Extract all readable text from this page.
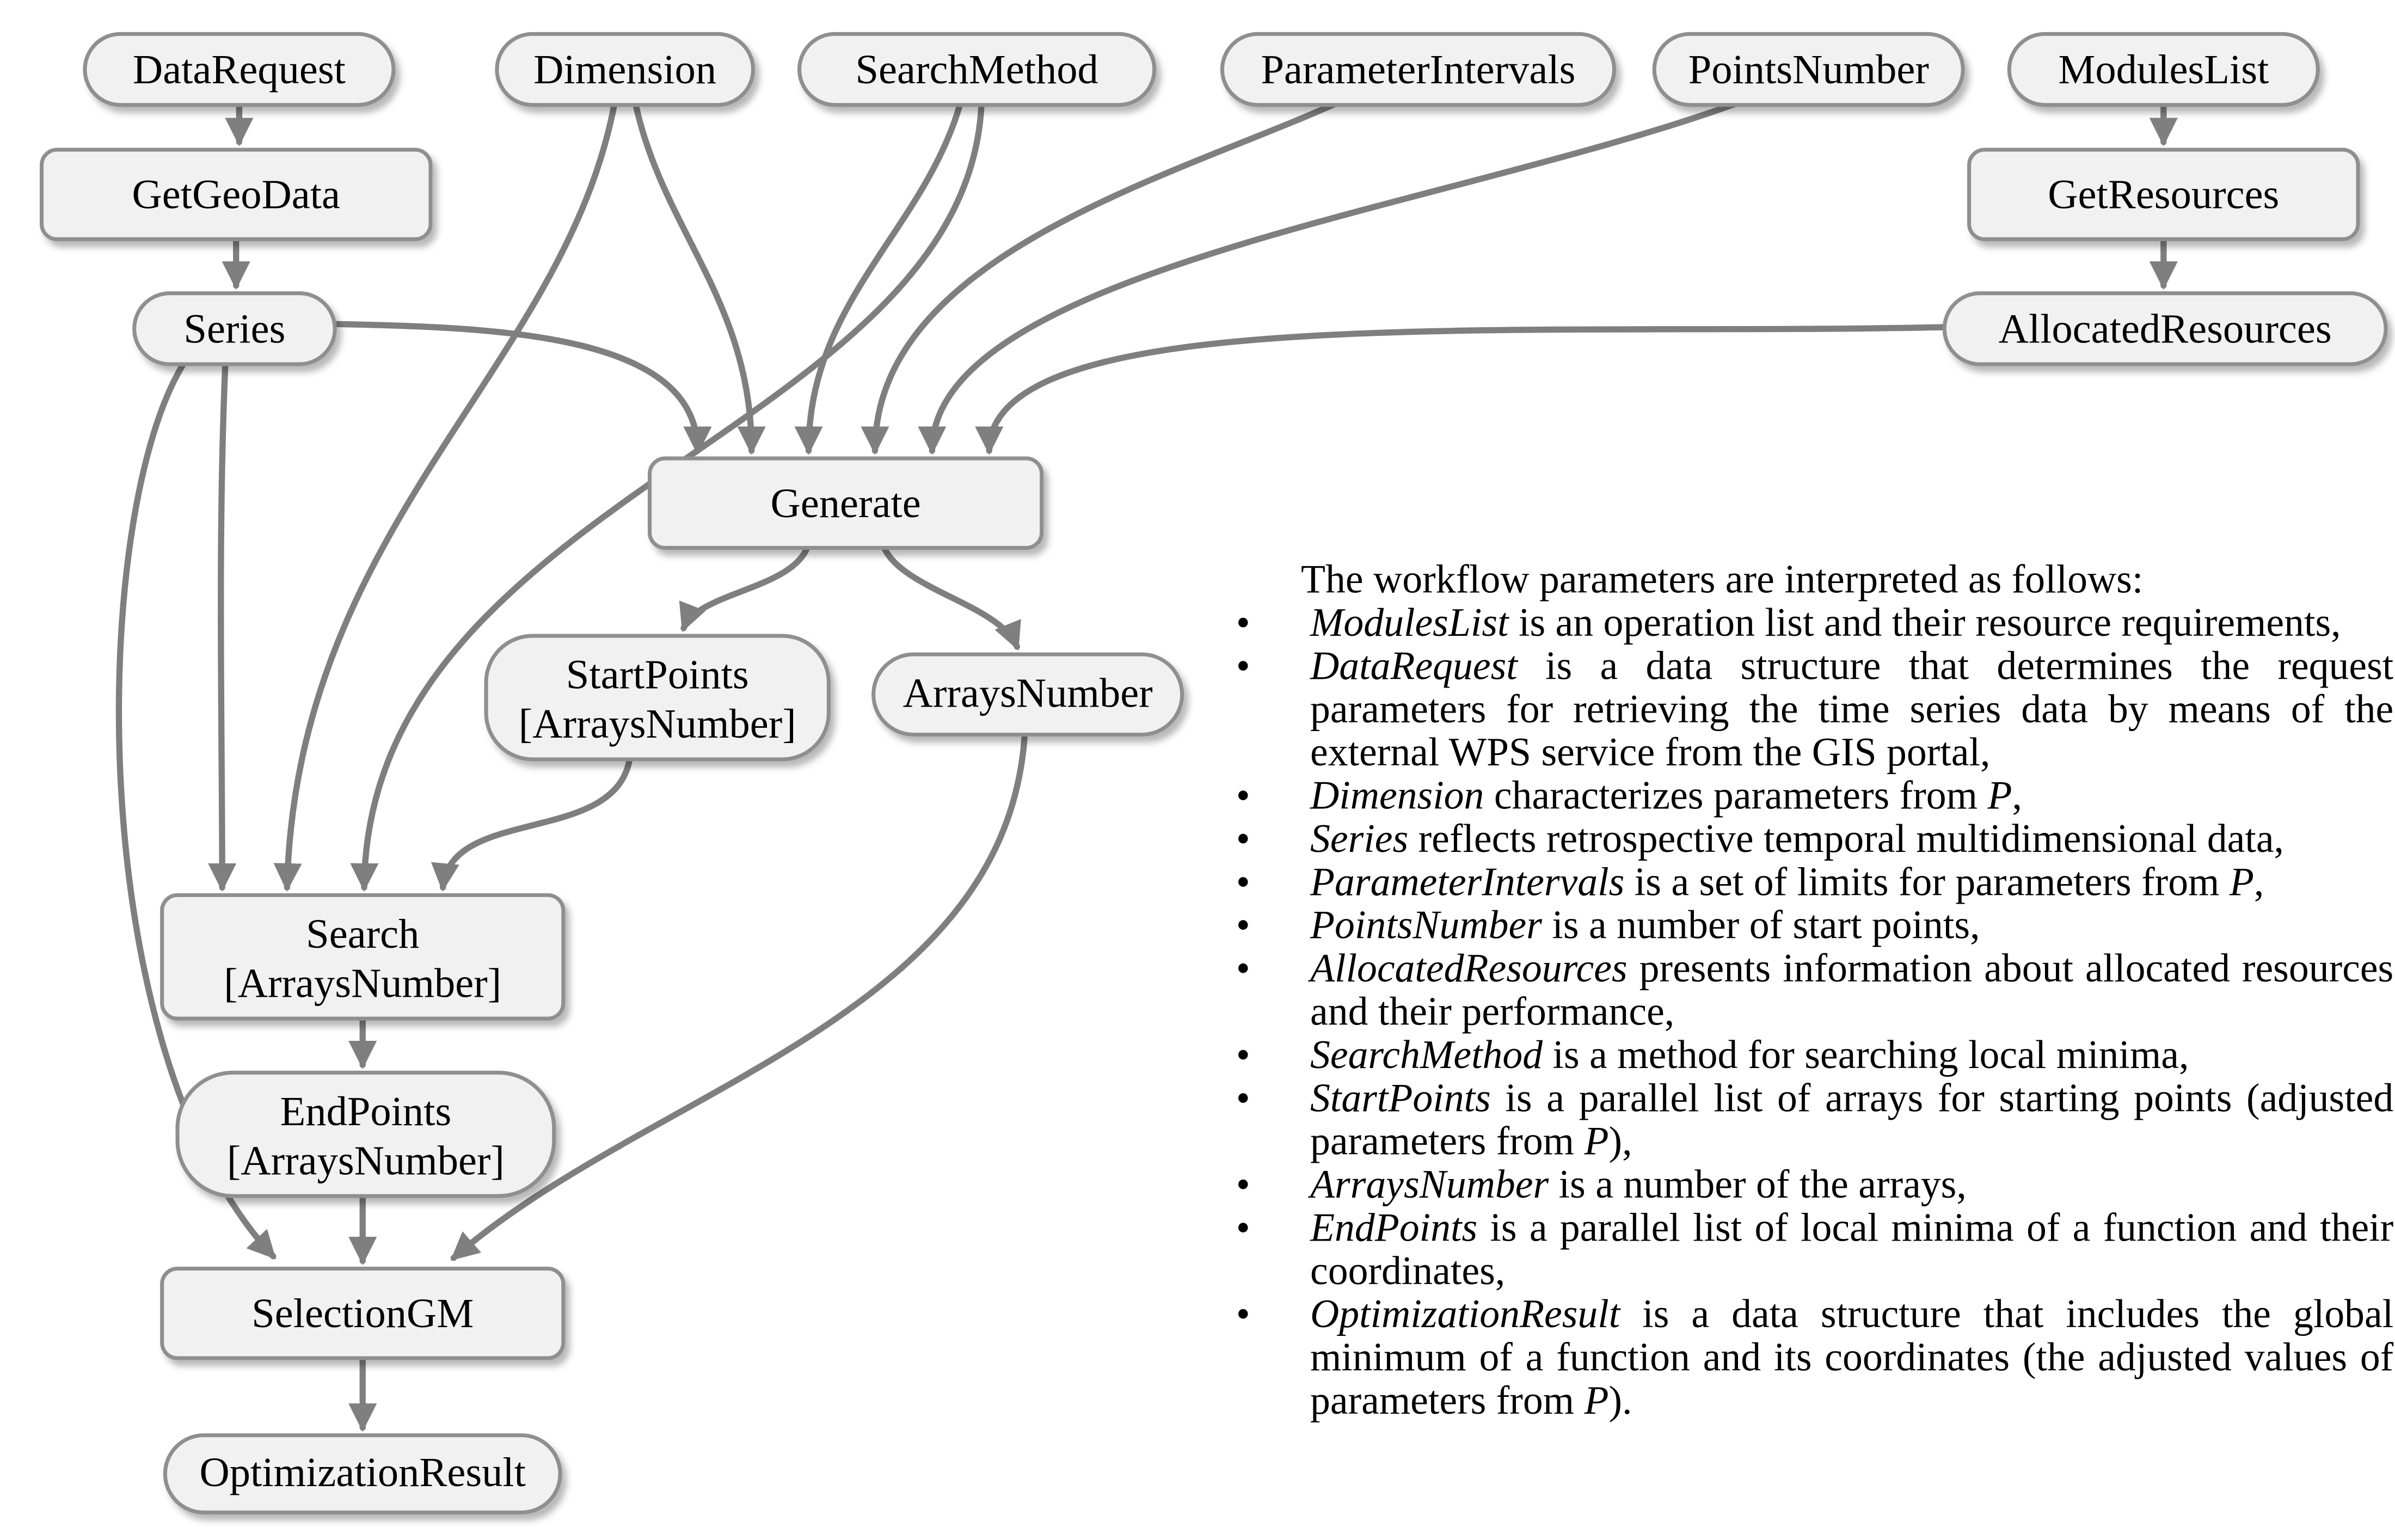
DataRequest	Dimension	SearchMethod	ParameterIntervals	PointsNumber	ModulesList
GetGeoData	GetResources
Series	AllocatedResources
Generate
StartPoints
[ArraysNumber]
ArraysNumber
Search
[ArraysNumber]
EndPoints
[ArraysNumber]
SelectionGM
OptimizationResult
The workflow parameters are interpreted as follows:
•	ModulesList is an operation list and their resource requirements,
•	DataRequest is a data structure that determines the request parameters for retrieving the time series data by means of the external WPS service from the GIS portal,
•	Dimension characterizes parameters from P,
•	Series reflects retrospective temporal multidimensional data,
•	ParameterIntervals is a set of limits for parameters from P,
•	PointsNumber is a number of start points,
•	AllocatedResources presents information about allocated resources and their performance,
•	SearchMethod is a method for searching local minima,
•	StartPoints is a parallel list of arrays for starting points (adjusted parameters from P),
•	ArraysNumber is a number of the arrays,
•	EndPoints is a parallel list of local minima of a function and their coordinates,
•	OptimizationResult is a data structure that includes the global minimum of a function and its coordinates (the adjusted values of parameters from P).
